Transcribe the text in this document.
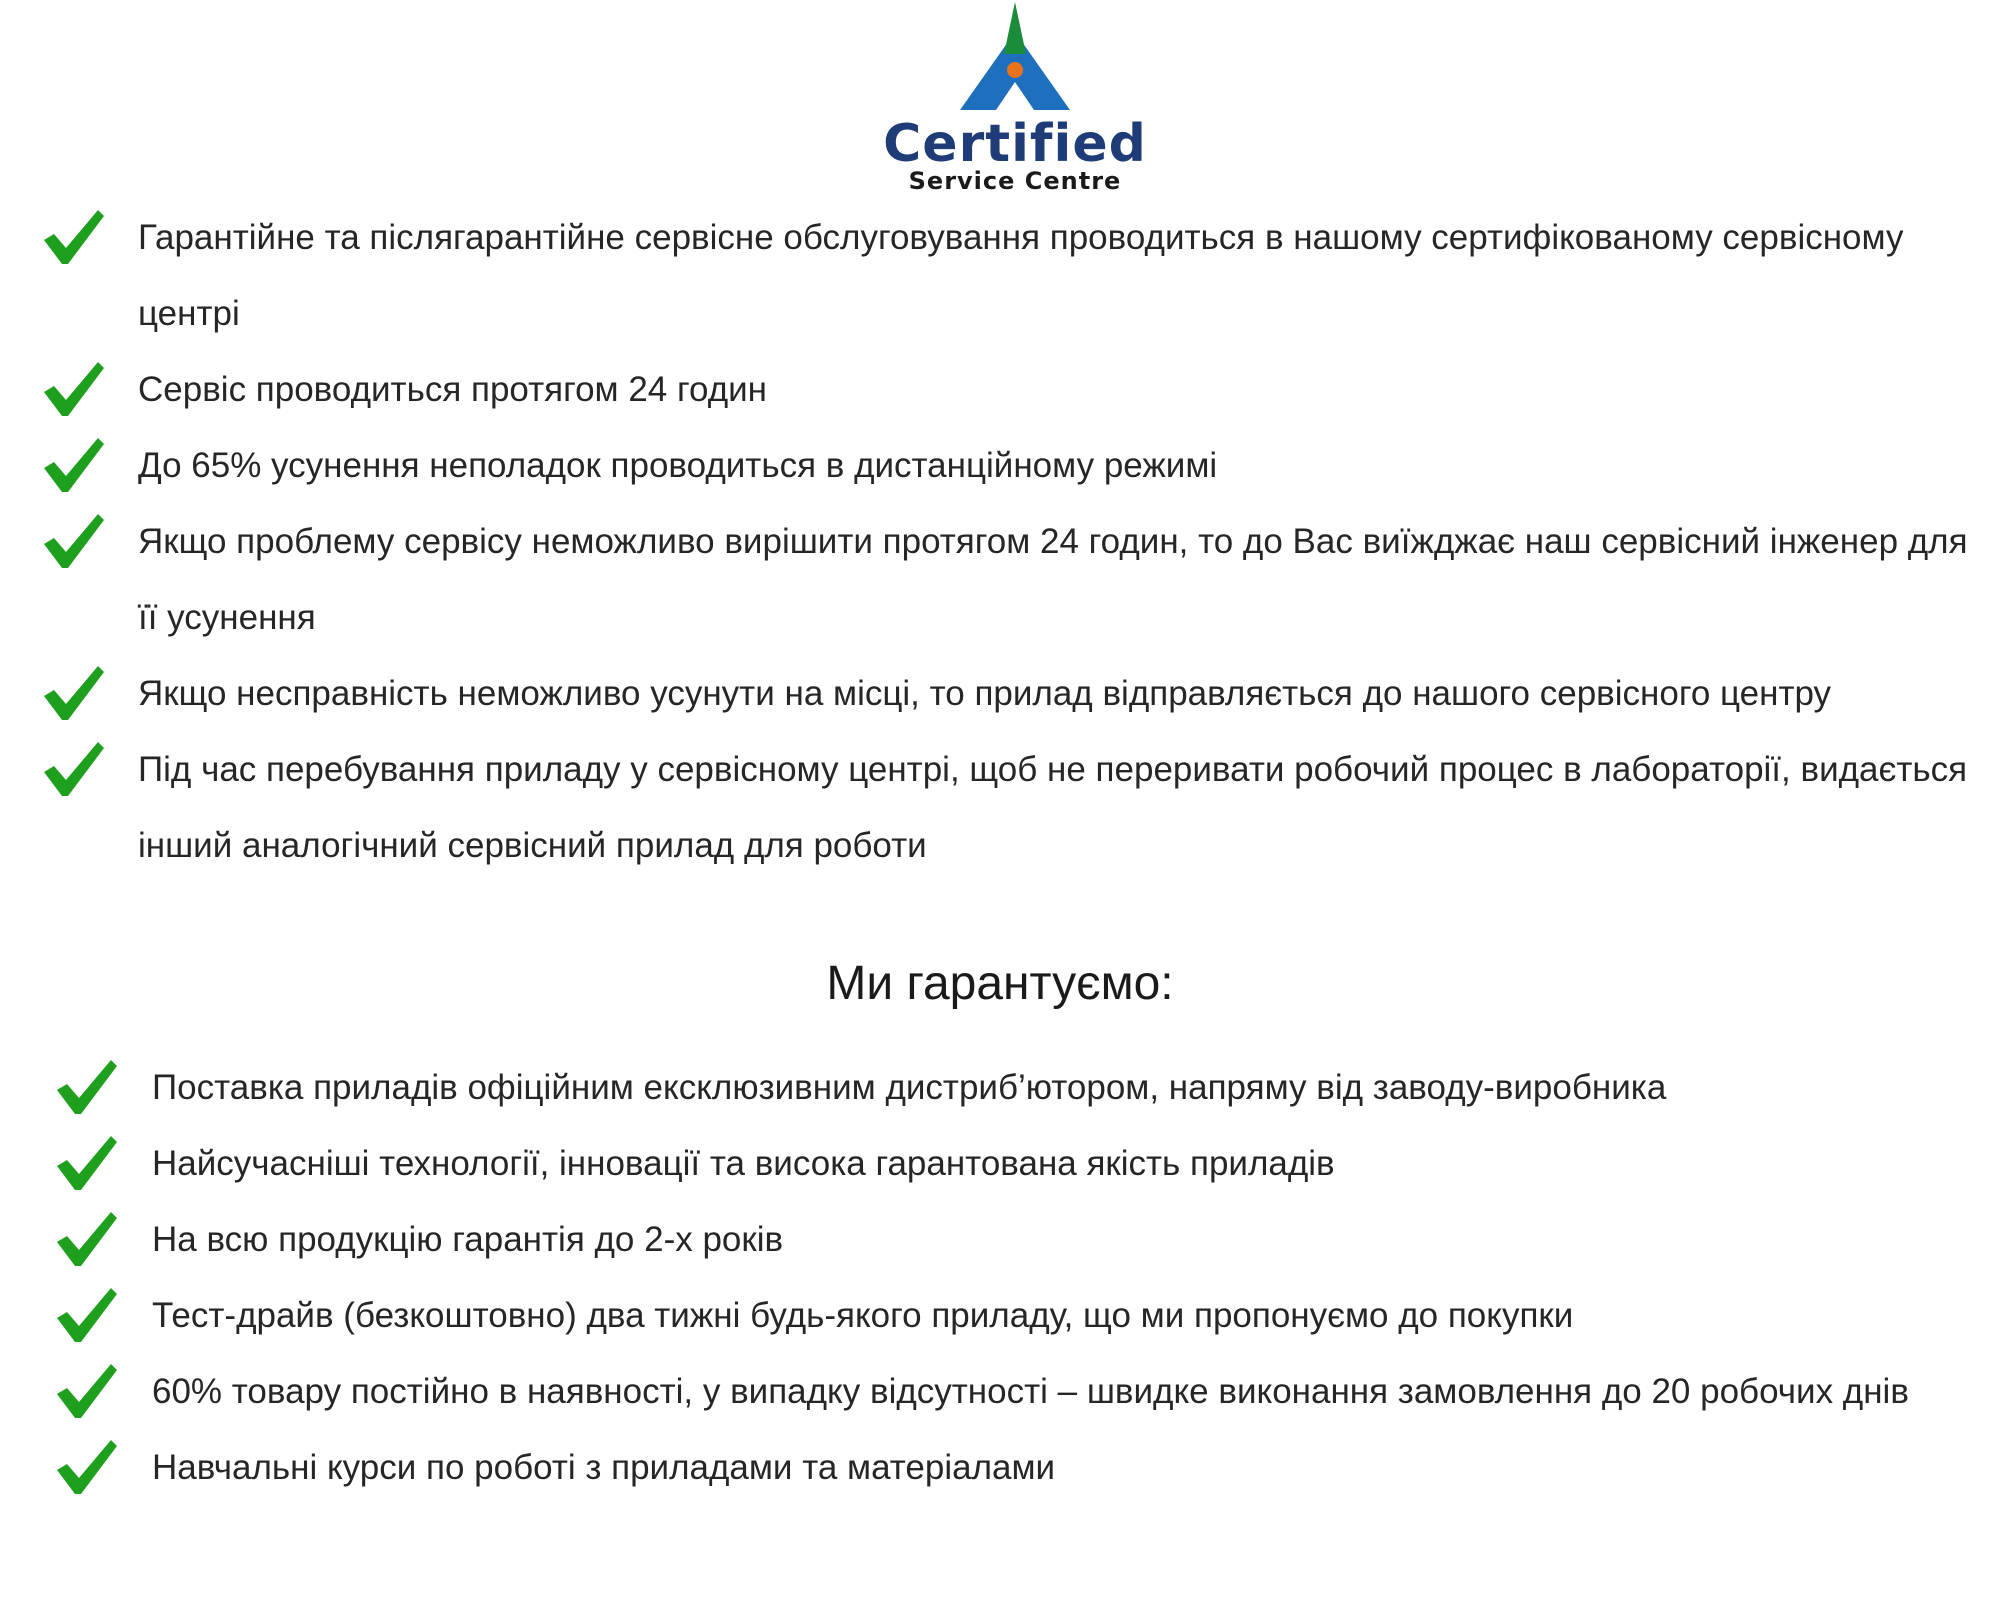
Certified
Service Centre
Гарантійне та післягарантійне сервісне обслуговування проводиться в нашому сертифікованому сервісному центрі
Сервіс проводиться протягом 24 годин
До 65% усунення неполадок проводиться в дистанційному режимі
Якщо проблему сервісу неможливо вирішити протягом 24 годин, то до Вас виїжджає наш сервісний інженер для її усунення
Якщо несправність неможливо усунути на місці, то прилад відправляється до нашого сервісного центру
Під час перебування приладу у сервісному центрі, щоб не переривати робочий процес в лабораторії, видається інший аналогічний сервісний прилад для роботи
Ми гарантуємо:
Поставка приладів офіційним ексклюзивним дистриб’ютором, напряму від заводу-виробника
Найсучасніші технології, інновації та висока гарантована якість приладів
На всю продукцію гарантія до 2-х років
Тест-драйв (безкоштовно) два тижні будь-якого приладу, що ми пропонуємо до покупки
60% товару постійно в наявності, у випадку відсутності – швидке виконання замовлення до 20 робочих днів
Навчальні курси по роботі з приладами та матеріалами
